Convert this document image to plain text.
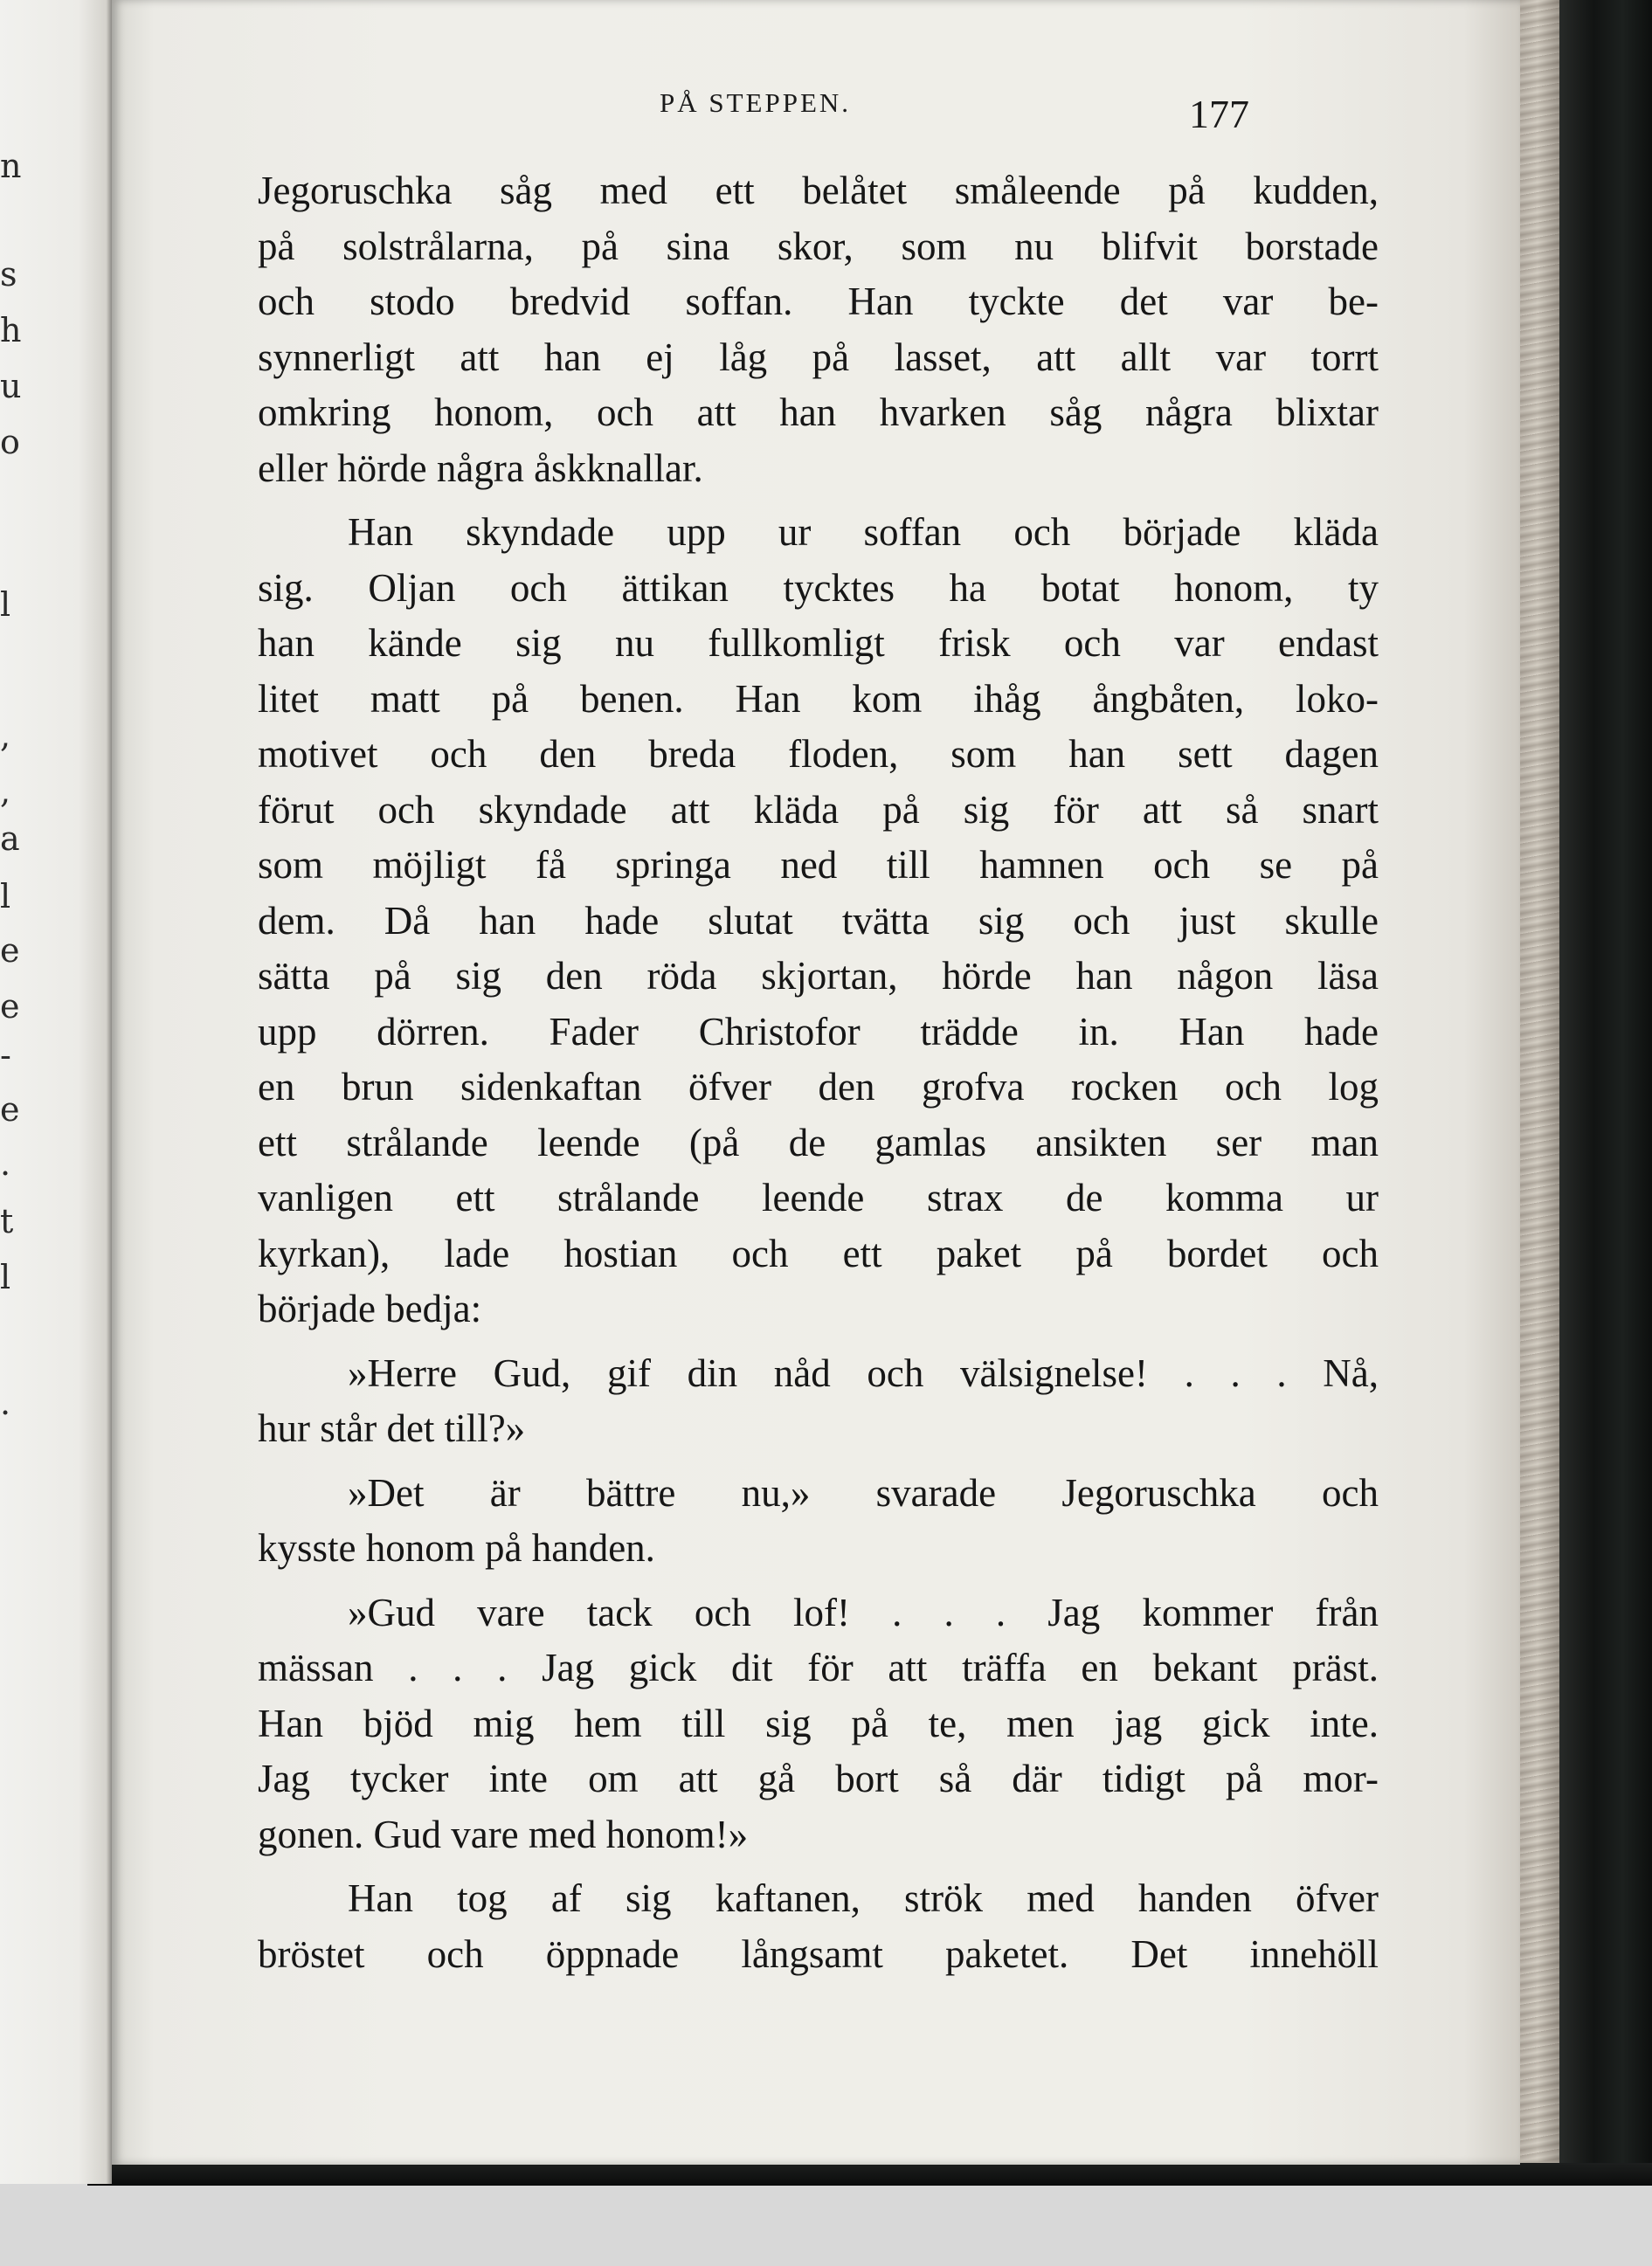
n
s
h
u
o
l
,
,
a
l
e
e
-
e
.
t
l
.
PÅ STEPPEN.	177
Jegoruschka såg med ett belåtet småleende på kudden,
på solstrålarna, på sina skor, som nu blifvit borstade
och stodo bredvid soffan. Han tyckte det var be-
synnerligt att han ej låg på lasset, att allt var torrt
omkring honom, och att han hvarken såg några blixtar
eller hörde några åskknallar.
Han skyndade upp ur soffan och började kläda
sig. Oljan och ättikan tycktes ha botat honom, ty
han kände sig nu fullkomligt frisk och var endast
litet matt på benen. Han kom ihåg ångbåten, loko-
motivet och den breda floden, som han sett dagen
förut och skyndade att kläda på sig för att så snart
som möjligt få springa ned till hamnen och se på
dem. Då han hade slutat tvätta sig och just skulle
sätta på sig den röda skjortan, hörde han någon läsa
upp dörren. Fader Christofor trädde in. Han hade
en brun sidenkaftan öfver den grofva rocken och log
ett strålande leende (på de gamlas ansikten ser man
vanligen ett strålande leende strax de komma ur
kyrkan), lade hostian och ett paket på bordet och
började bedja:
»Herre Gud, gif din nåd och välsignelse! . . . Nå,
hur står det till?»
»Det är bättre nu,» svarade Jegoruschka och
kysste honom på handen.
»Gud vare tack och lof! . . . Jag kommer från
mässan . . . Jag gick dit för att träffa en bekant präst.
Han bjöd mig hem till sig på te, men jag gick inte.
Jag tycker inte om att gå bort så där tidigt på mor-
gonen. Gud vare med honom!»
Han tog af sig kaftanen, strök med handen öfver
bröstet och öppnade långsamt paketet. Det innehöll
